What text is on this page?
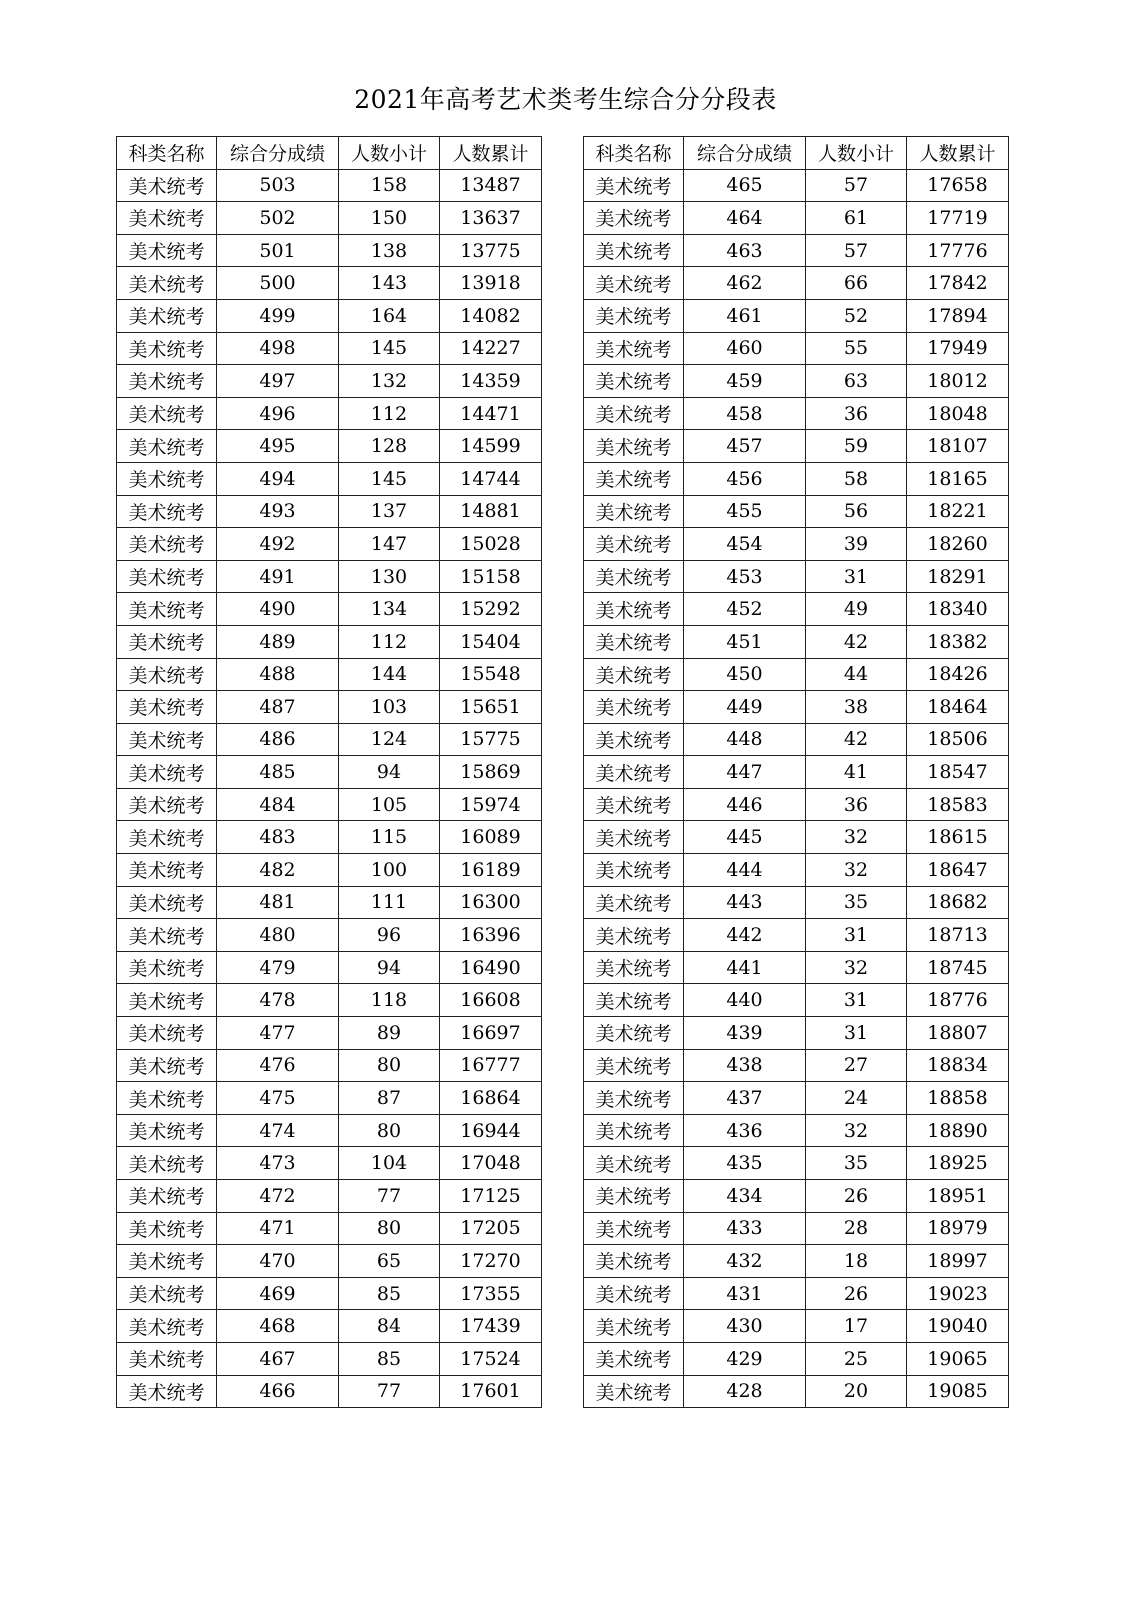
2021年高考艺术类考生综合分分段表
科类名称	综合分成绩	人数小计	人数累计
美术统考	503	158	13487
美术统考	502	150	13637
美术统考	501	138	13775
美术统考	500	143	13918
美术统考	499	164	14082
美术统考	498	145	14227
美术统考	497	132	14359
美术统考	496	112	14471
美术统考	495	128	14599
美术统考	494	145	14744
美术统考	493	137	14881
美术统考	492	147	15028
美术统考	491	130	15158
美术统考	490	134	15292
美术统考	489	112	15404
美术统考	488	144	15548
美术统考	487	103	15651
美术统考	486	124	15775
美术统考	485	94	15869
美术统考	484	105	15974
美术统考	483	115	16089
美术统考	482	100	16189
美术统考	481	111	16300
美术统考	480	96	16396
美术统考	479	94	16490
美术统考	478	118	16608
美术统考	477	89	16697
美术统考	476	80	16777
美术统考	475	87	16864
美术统考	474	80	16944
美术统考	473	104	17048
美术统考	472	77	17125
美术统考	471	80	17205
美术统考	470	65	17270
美术统考	469	85	17355
美术统考	468	84	17439
美术统考	467	85	17524
美术统考	466	77	17601
科类名称	综合分成绩	人数小计	人数累计
美术统考	465	57	17658
美术统考	464	61	17719
美术统考	463	57	17776
美术统考	462	66	17842
美术统考	461	52	17894
美术统考	460	55	17949
美术统考	459	63	18012
美术统考	458	36	18048
美术统考	457	59	18107
美术统考	456	58	18165
美术统考	455	56	18221
美术统考	454	39	18260
美术统考	453	31	18291
美术统考	452	49	18340
美术统考	451	42	18382
美术统考	450	44	18426
美术统考	449	38	18464
美术统考	448	42	18506
美术统考	447	41	18547
美术统考	446	36	18583
美术统考	445	32	18615
美术统考	444	32	18647
美术统考	443	35	18682
美术统考	442	31	18713
美术统考	441	32	18745
美术统考	440	31	18776
美术统考	439	31	18807
美术统考	438	27	18834
美术统考	437	24	18858
美术统考	436	32	18890
美术统考	435	35	18925
美术统考	434	26	18951
美术统考	433	28	18979
美术统考	432	18	18997
美术统考	431	26	19023
美术统考	430	17	19040
美术统考	429	25	19065
美术统考	428	20	19085
